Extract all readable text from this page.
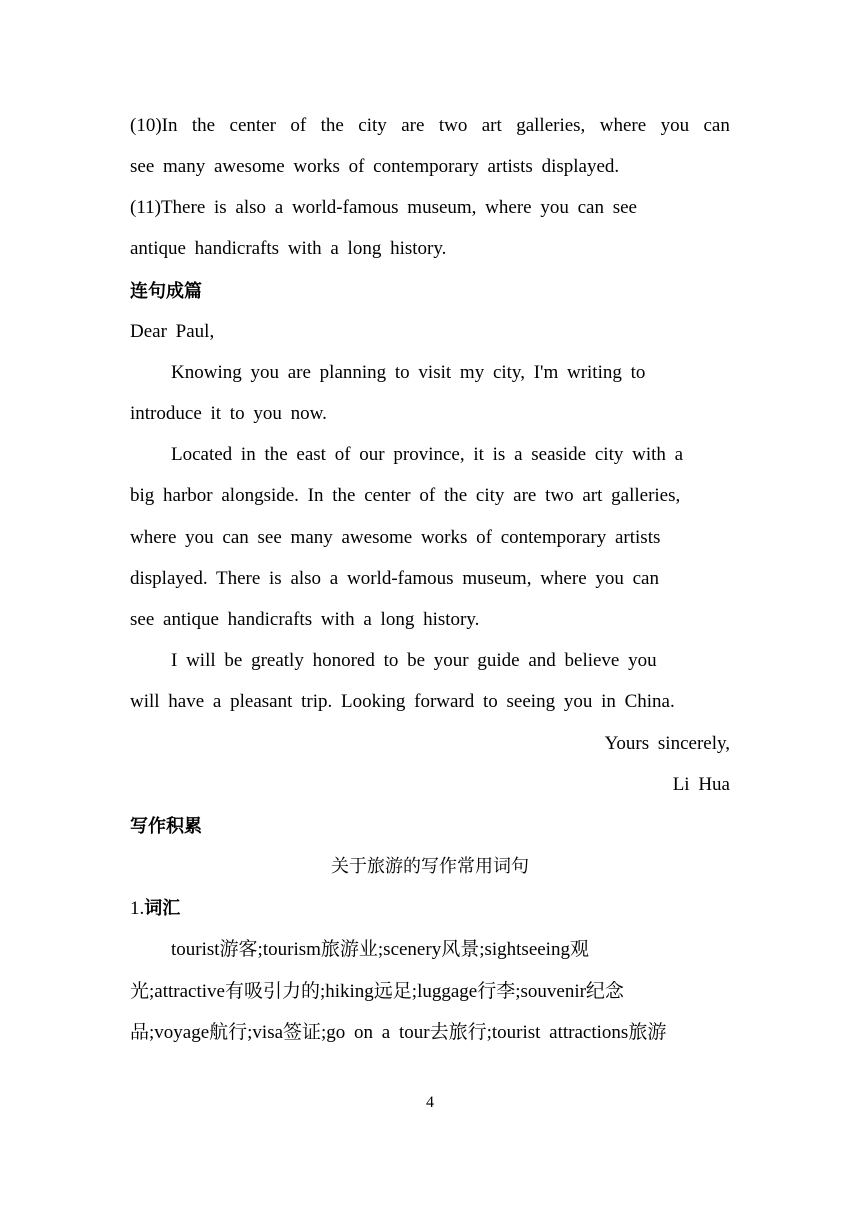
(10)In the center of the city are two art galleries, where you can
see many awesome works of contemporary artists displayed.
(11)There is also a world-famous museum, where you can see
antique handicrafts with a long history.
连句成篇
Dear Paul,
Knowing you are planning to visit my city, I'm writing to
introduce it to you now.
Located in the east of our province, it is a seaside city with a
big harbor alongside. In the center of the city are two art galleries,
where you can see many awesome works of contemporary artists
displayed. There is also a world-famous museum, where you can
see antique handicrafts with a long history.
I will be greatly honored to be your guide and believe you
will have a pleasant trip. Looking forward to seeing you in China.
Yours sincerely,
Li Hua
写作积累
关于旅游的写作常用词句
1.词汇
tourist游客;tourism旅游业;scenery风景;sightseeing观
光;attractive有吸引力的;hiking远足;luggage行李;souvenir纪念
品;voyage航行;visa签证;go on a tour去旅行;tourist attractions旅游
4
